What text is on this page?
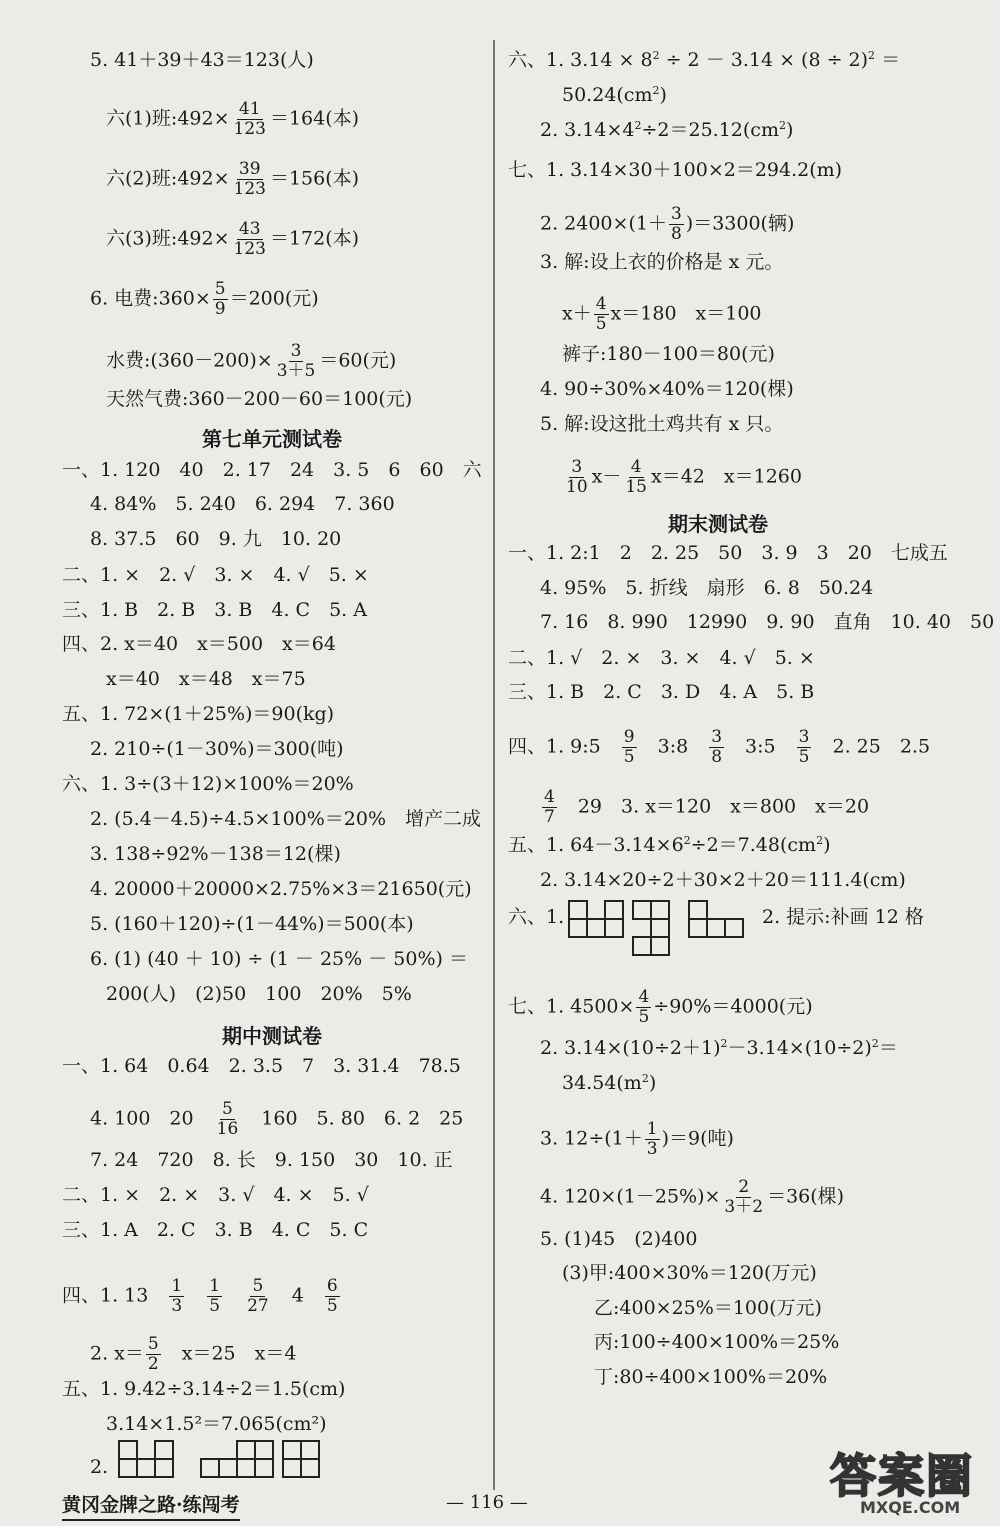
5. 41＋39＋43＝123(人)
六(1)班:492× $\frac{41}{123} =164$(本)
六(2)班:492× $\frac{39}{123} =156$(本)
六(3)班:492× $\frac{43}{123} =172$(本)
6. 电费:360× $\frac{5}{9} =200$(元)
水费:(360－200)× $\frac{3}{3+5} =60$(元)
天然气费:360－200－60＝100(元)
第七单元测试卷
一、1. 120　40　2. 17　24　3. 5　6　60　六
4. 84%　5. 240　6. 294　7. 360
8. 37.5　60　9. 九　10. 20
二、1. ×　2. √　3. ×　4. √　5. ×
三、1. B　2. B　3. B　4. C　5. A
四、2. x＝40　x＝500　x＝64
x＝40　x＝48　x＝75
五、1. 72×(1＋25%)＝90(kg)
2. 210÷(1－30%)＝300(吨)
六、1. 3÷(3＋12)×100%＝20%
2. (5.4－4.5)÷4.5×100%＝20%　增产二成
3. 138÷92%－138＝12(棵)
4. 20000＋20000×2.75%×3＝21650(元)
5. (160＋120)÷(1－44%)＝500(本)
6. (1) (40 ＋ 10) ÷ (1 － 25% － 50%) ＝
200(人)　(2)50　100　20%　5%
期中测试卷
一、1. 64　0.64　2. 3.5　7　3. 31.4　78.5
4. 100　20　 $\frac{5}{16}$
　 160　5. 80　6. 2　25
7. 24　720　8. 长　9. 150　30　10. 正
二、1. ×　2. ×　3. √　4. ×　5. √
三、1. A　2. C　3. B　4. C　5. C
四、1. 13　 $\frac{1}{3}$
　 $\frac{1}{5}$
　 $\frac{5}{27}$
　 4　 $\frac{6}{5}$
2. $x= \frac{5}{2}$
　 x＝25　x＝4
五、1. 9.42÷3.14÷2＝1.5(cm)
3.14×1.5²＝7.065(cm²)
2.
六、1. $3.14 \times 8^2 \div 2 - 3.14 \times (8 \div 2)^2$ ＝
$50.24(cm^2)$
2. $3.14\times 4^2\div 2=25.12(cm^2)$
七、1. 3.14×30＋100×2＝294.2(m)
2. $2400\times(1+ \frac{3}{8} )=3300$(辆)
3. 解:设上衣的价格是 x 元。
$x+ \frac{4}{5} x=180$　x＝100
裤子:180－100＝80(元)
4. 90÷30%×40%＝120(棵)
5. 解:设这批土鸡共有 x 只。
$\frac{3}{10} x- \frac{4}{15} x=42$　x＝1260
期末测试卷
一、1. 2:1　2　2. 25　50　3. 9　3　20　七成五
4. 95%　5. 折线　扇形　6. 8　50.24
7. 16　8. 990　12990　9. 90　直角　10. 40　50
二、1. √　2. ×　3. ×　4. √　5. ×
三、1. B　2. C　3. D　4. A　5. B
四、1. 9:5　 $\frac{9}{5}$
　 3:8　 $\frac{3}{8}$
　 3:5　 $\frac{3}{5}$
　 2. 25　2.5
$\frac{4}{7}$
　 29　3. x＝120　x＝800　x＝20
五、1. $64-3.14\times 6^2\div 2=7.48(cm^2)$
2. 3.14×20÷2＋30×2＋20＝111.4(cm)
六、1.	2. 提示:补画 12 格
七、1. $4500\times \frac{4}{5} \div 90\%=4000$(元)
2. $3.14\times(10\div 2+1)^2-3.14\times(10\div 2)^2=$
$34.54(m^2)$
3. $12\div(1+ \frac{1}{3} )=9$(吨)
4. $120\times(1-25\%)\times \frac{2}{3+2} =36$(棵)
5. (1)45　(2)400
(3)甲:400×30%＝120(万元)
乙:400×25%＝100(万元)
丙:100÷400×100%＝25%
丁:80÷400×100%＝20%
黄冈金牌之路·练闯考	— 116 —	答案圈
MXQE.COM
